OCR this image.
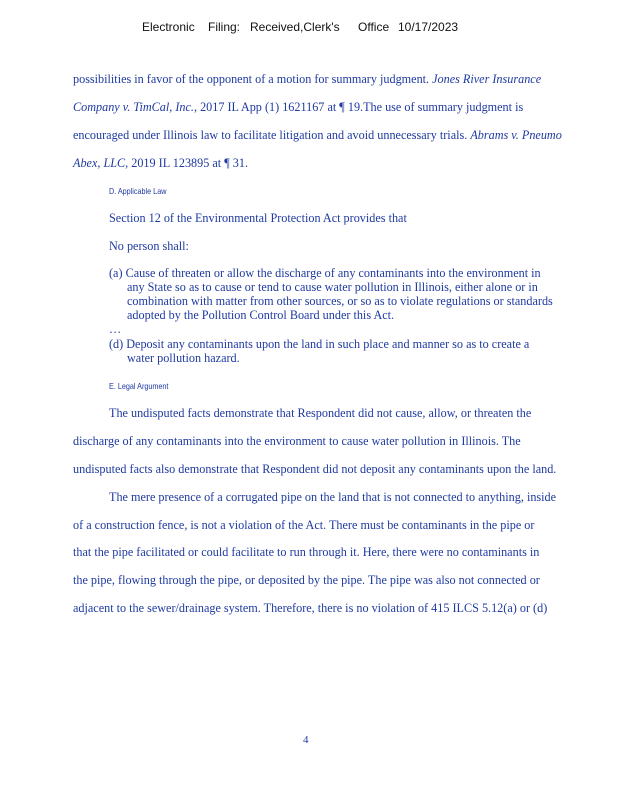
Electronic Filing: Received,Clerk's Office 10/17/2023
possibilities in favor of the opponent of a motion for summary judgment. Jones River Insurance
Company v. TimCal, Inc., 2017 IL App (1) 1621167 at ¶ 19.The use of summary judgment is
encouraged under Illinois law to facilitate litigation and avoid unnecessary trials. Abrams v. Pneumo
Abex, LLC, 2019 IL 123895 at ¶ 31.
D. Applicable Law
Section 12 of the Environmental Protection Act provides that
No person shall:
(a) Cause of threaten or allow the discharge of any contaminants into the environment in
any State so as to cause or tend to cause water pollution in Illinois, either alone or in
combination with matter from other sources, or so as to violate regulations or standards
adopted by the Pollution Control Board under this Act.
…
(d) Deposit any contaminants upon the land in such place and manner so as to create a
water pollution hazard.
E. Legal Argument
The undisputed facts demonstrate that Respondent did not cause, allow, or threaten the
discharge of any contaminants into the environment to cause water pollution in Illinois. The
undisputed facts also demonstrate that Respondent did not deposit any contaminants upon the land.
The mere presence of a corrugated pipe on the land that is not connected to anything, inside
of a construction fence, is not a violation of the Act. There must be contaminants in the pipe or
that the pipe facilitated or could facilitate to run through it. Here, there were no contaminants in
the pipe, flowing through the pipe, or deposited by the pipe. The pipe was also not connected or
adjacent to the sewer/drainage system. Therefore, there is no violation of 415 ILCS 5.12(a) or (d)
4
